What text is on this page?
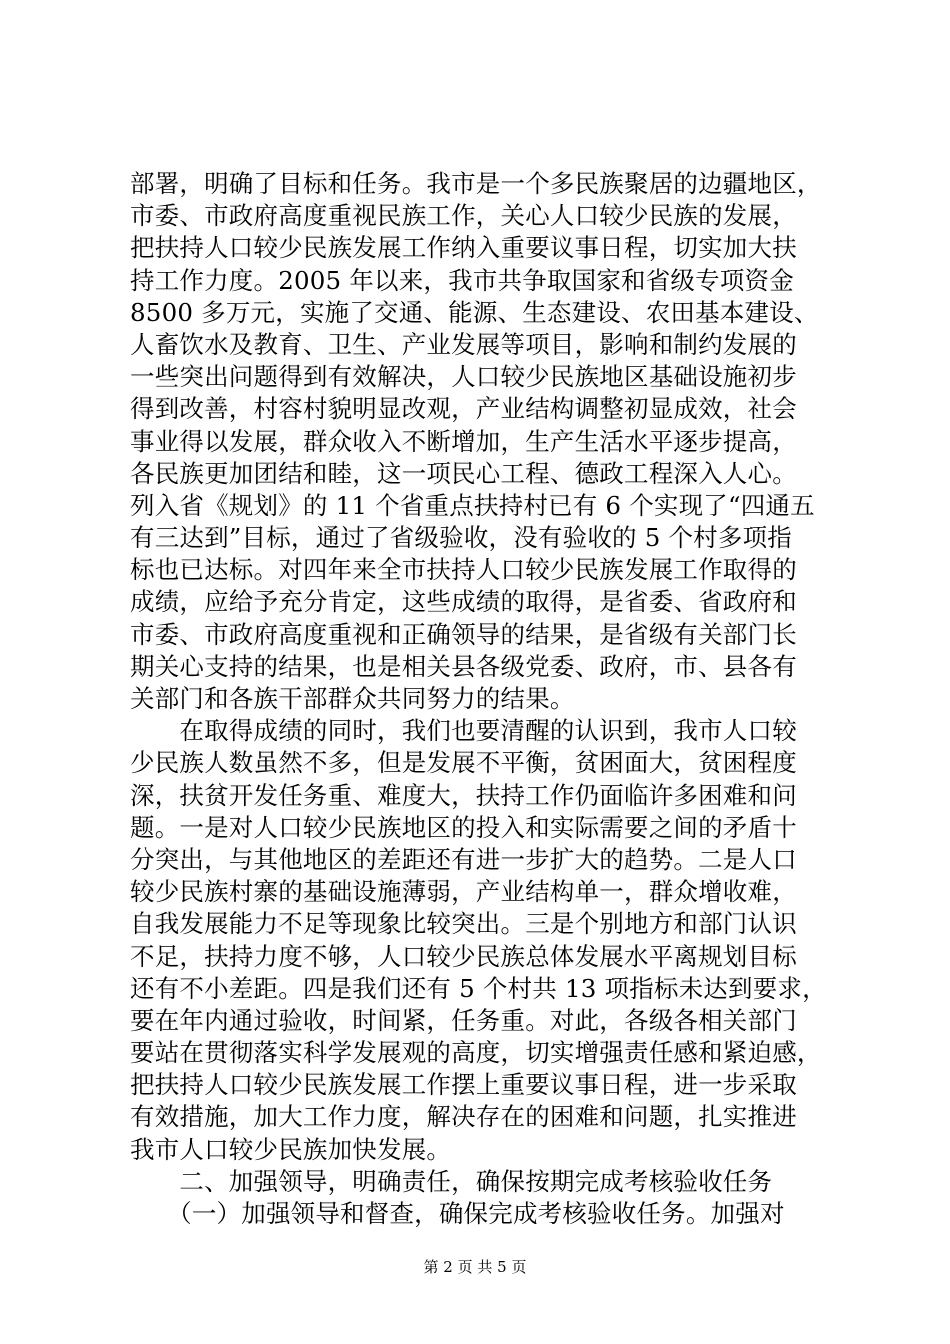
部署，明确了目标和任务。我市是一个多民族聚居的边疆地区，
市委、市政府高度重视民族工作，关心人口较少民族的发展，
把扶持人口较少民族发展工作纳入重要议事日程，切实加大扶
持工作力度。2005 年以来，我市共争取国家和省级专项资金
8500 多万元，实施了交通、能源、生态建设、农田基本建设、
人畜饮水及教育、卫生、产业发展等项目，影响和制约发展的
一些突出问题得到有效解决，人口较少民族地区基础设施初步
得到改善，村容村貌明显改观，产业结构调整初显成效，社会
事业得以发展，群众收入不断增加，生产生活水平逐步提高，
各民族更加团结和睦，这一项民心工程、德政工程深入人心。
列入省《规划》的 11 个省重点扶持村已有 6 个实现了“四通五
有三达到”目标，通过了省级验收，没有验收的 5 个村多项指
标也已达标。对四年来全市扶持人口较少民族发展工作取得的
成绩，应给予充分肯定，这些成绩的取得，是省委、省政府和
市委、市政府高度重视和正确领导的结果，是省级有关部门长
期关心支持的结果，也是相关县各级党委、政府，市、县各有
关部门和各族干部群众共同努力的结果。
　　在取得成绩的同时，我们也要清醒的认识到，我市人口较
少民族人数虽然不多，但是发展不平衡，贫困面大，贫困程度
深，扶贫开发任务重、难度大，扶持工作仍面临许多困难和问
题。一是对人口较少民族地区的投入和实际需要之间的矛盾十
分突出，与其他地区的差距还有进一步扩大的趋势。二是人口
较少民族村寨的基础设施薄弱，产业结构单一，群众增收难，
自我发展能力不足等现象比较突出。三是个别地方和部门认识
不足，扶持力度不够，人口较少民族总体发展水平离规划目标
还有不小差距。四是我们还有 5 个村共 13 项指标未达到要求，
要在年内通过验收，时间紧，任务重。对此，各级各相关部门
要站在贯彻落实科学发展观的高度，切实增强责任感和紧迫感，
把扶持人口较少民族发展工作摆上重要议事日程，进一步采取
有效措施，加大工作力度，解决存在的困难和问题，扎实推进
我市人口较少民族加快发展。
　　二、加强领导，明确责任，确保按期完成考核验收任务
　　（一）加强领导和督查，确保完成考核验收任务。加强对
第 2 页 共 5 页
